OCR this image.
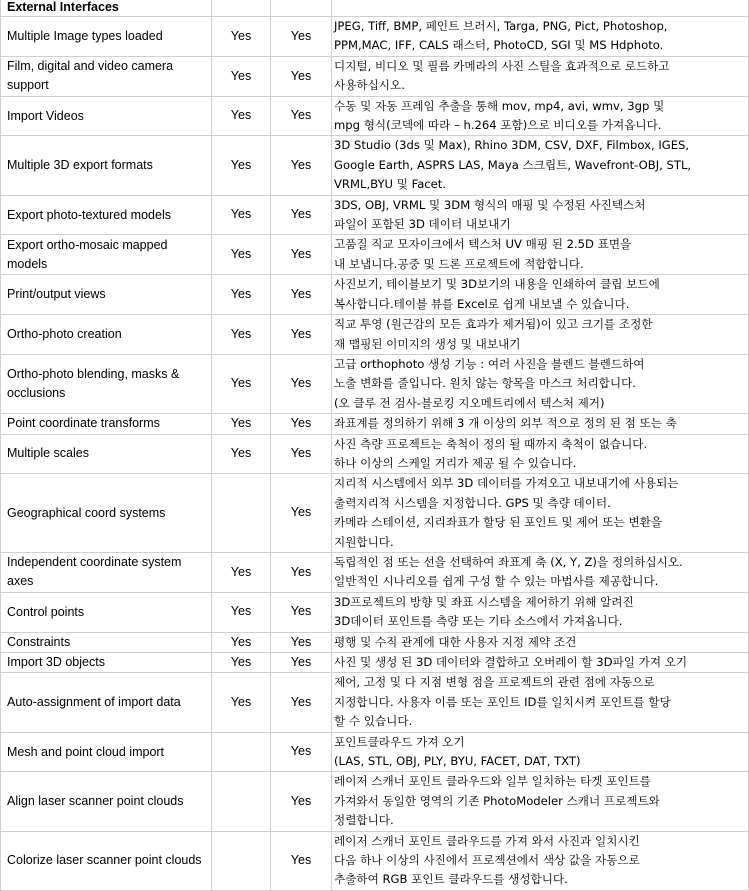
External Interfaces			
Multiple Image types loaded	Yes	Yes	JPEG, Tiff, BMP, 페인트 브러시, Targa, PNG, Pict, Photoshop,
PPM,MAC, IFF, CALS 래스터, PhotoCD, SGI 및 MS Hdphoto.

Film, digital and video camera support	Yes	Yes	디지털, 비디오 및 필름 카메라의 사진 스틸을 효과적으로 로드하고
사용하십시오.

Import Videos	Yes	Yes	수동 및 자동 프레임 추출을 통해 mov, mp4, avi, wmv, 3gp 및
mpg 형식(코덱에 따라 – h.264 포함)으로 비디오를 가져옵니다.

Multiple 3D export formats	Yes	Yes	3D Studio (3ds 및 Max), Rhino 3DM, CSV, DXF, Filmbox, IGES,
Google Earth, ASPRS LAS, Maya 스크립트, Wavefront-OBJ, STL,
VRML,BYU 및 Facet.

Export photo-textured models	Yes	Yes	3DS, OBJ, VRML 및 3DM 형식의 매핑 및 수정된 사진텍스처
파일이 포함된 3D 데이터 내보내기

Export ortho-mosaic mapped models	Yes	Yes	고품질 직교 모자이크에서 텍스처 UV 매핑 된 2.5D 표면을
내 보냅니다.공중 및 드론 프로젝트에 적합합니다.

Print/output views	Yes	Yes	사진보기, 테이블보기 및 3D보기의 내용을 인쇄하여 클립 보드에
복사합니다.테이블 뷰를 Excel로 쉽게 내보낼 수 있습니다.

Ortho-photo creation	Yes	Yes	직교 투영 (원근감의 모든 효과가 제거됨)이 있고 크기를 조정한
재 맵핑된 이미지의 생성 및 내보내기

Ortho-photo blending, masks & occlusions	Yes	Yes	고급 orthophoto 생성 기능 : 여러 사진을 블렌드 블렌드하여
노출 변화를 줄입니다. 원치 않는 항목을 마스크 처리합니다.
(오 클루 전 검사-블로킹 지오메트리에서 텍스처 제거)

Point coordinate transforms	Yes	Yes	좌표계를 정의하기 위해 3 개 이상의 외부 적으로 정의 된 점 또는 축

Multiple scales	Yes	Yes	사진 측량 프로젝트는 축척이 정의 될 때까지 축척이 없습니다.
하나 이상의 스케일 거리가 제공 될 수 있습니다.

Geographical coord systems		Yes	지리적 시스템에서 외부 3D 데이터를 가져오고 내보내기에 사용되는
출력지리적 시스템을 지정합니다. GPS 및 측량 데이터.
카메라 스테이션, 지리좌표가 할당 된 포인트 및 제어 또는 변환을
지원합니다.

Independent coordinate system axes	Yes	Yes	독립적인 점 또는 선을 선택하여 좌표계 축 (X, Y, Z)을 정의하십시오.
일반적인 시나리오를 쉽게 구성 할 수 있는 마법사를 제공합니다.

Control points	Yes	Yes	3D프로젝트의 방향 및 좌표 시스템을 제어하기 위해 알려진
3D데이터 포인트를 측량 또는 기타 소스에서 가져옵니다.

Constraints	Yes	Yes	평행 및 수직 관계에 대한 사용자 지정 제약 조건

Import 3D objects	Yes	Yes	사진 및 생성 된 3D 데이터와 결합하고 오버레이 할 3D파일 가져 오기

Auto-assignment of import data	Yes	Yes	제어, 고정 및 다 지점 변형 점을 프로젝트의 관련 점에 자동으로
지정합니다. 사용자 이름 또는 포인트 ID를 일치시켜 포인트를 할당
할 수 있습니다.

Mesh and point cloud import		Yes	포인트클라우드 가져 오기
(LAS, STL, OBJ, PLY, BYU, FACET, DAT, TXT)

Align laser scanner point clouds		Yes	레이저 스캐너 포인트 클라우드와 일부 일치하는 타겟 포인트를
가져와서 동일한 영역의 기존 PhotoModeler 스캐너 프로젝트와
정렬합니다.

Colorize laser scanner point clouds		Yes	레이저 스캐너 포인트 클라우드를 가져 와서 사진과 일치시킨
다음 하나 이상의 사진에서 프로젝션에서 색상 값을 자동으로
추출하여 RGB 포인트 클라우드를 생성합니다.
